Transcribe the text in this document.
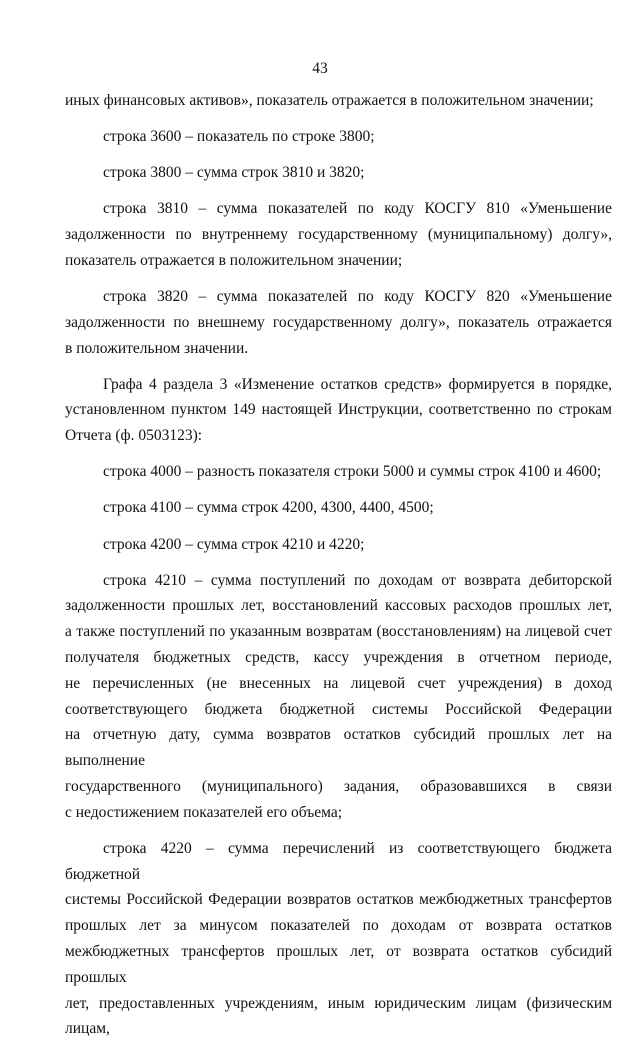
43
иных финансовых активов», показатель отражается в положительном значении;
строка 3600 – показатель по строке 3800;
строка 3800 – сумма строк 3810 и 3820;
строка 3810 – сумма показателей по коду КОСГУ 810 «Уменьшение
задолженности по внутреннему государственному (муниципальному) долгу»,
показатель отражается в положительном значении;
строка 3820 – сумма показателей по коду КОСГУ 820 «Уменьшение
задолженности по внешнему государственному долгу», показатель отражается
в положительном значении.
Графа 4 раздела 3 «Изменение остатков средств» формируется в порядке,
установленном пунктом 149 настоящей Инструкции, соответственно по строкам
Отчета (ф. 0503123):
строка 4000 – разность показателя строки 5000 и суммы строк 4100 и 4600;
строка 4100 – сумма строк 4200, 4300, 4400, 4500;
строка 4200 – сумма строк 4210 и 4220;
строка 4210 – сумма поступлений по доходам от возврата дебиторской
задолженности прошлых лет, восстановлений кассовых расходов прошлых лет,
а также поступлений по указанным возвратам (восстановлениям) на лицевой счет
получателя бюджетных средств, кассу учреждения в отчетном периоде,
не перечисленных (не внесенных на лицевой счет учреждения) в доход
соответствующего бюджета бюджетной системы Российской Федерации
на отчетную дату, сумма возвратов остатков субсидий прошлых лет на выполнение
государственного (муниципального) задания, образовавшихся в связи
с недостижением показателей его объема;
строка 4220 – сумма перечислений из соответствующего бюджета бюджетной
системы Российской Федерации возвратов остатков межбюджетных трансфертов
прошлых лет за минусом показателей по доходам от возврата остатков
межбюджетных трансфертов прошлых лет, от возврата остатков субсидий прошлых
лет, предоставленных учреждениям, иным юридическим лицам (физическим лицам,
